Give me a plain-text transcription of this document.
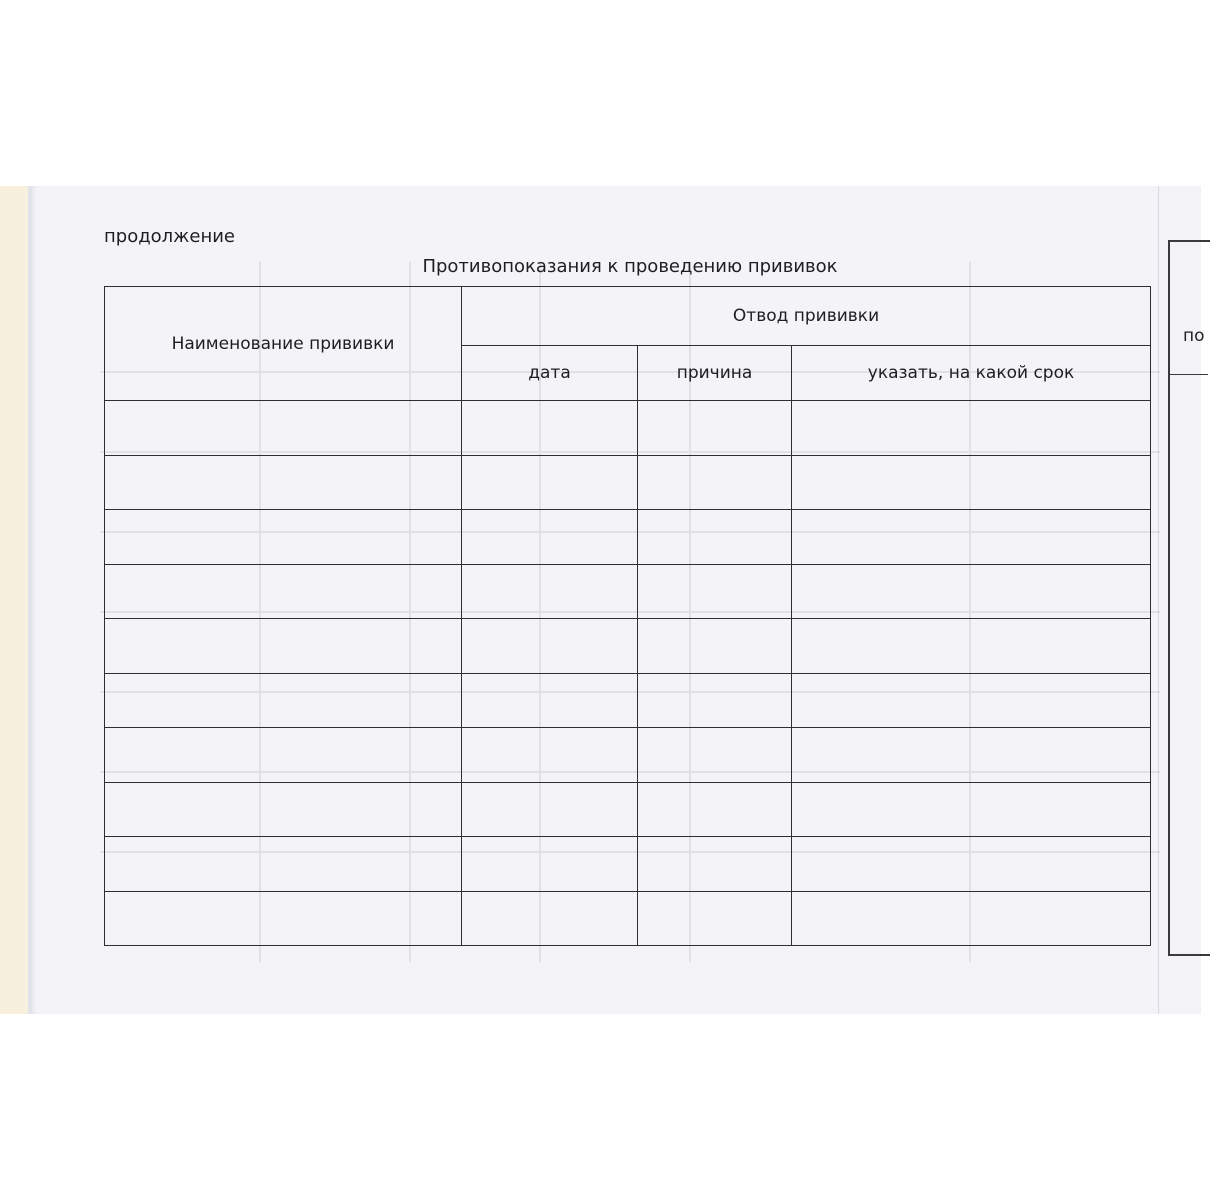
по
продолжение
Противопоказания к проведению прививок
Наименование прививки	Отвод прививки		
	дата	причина	указать, на какой срок
